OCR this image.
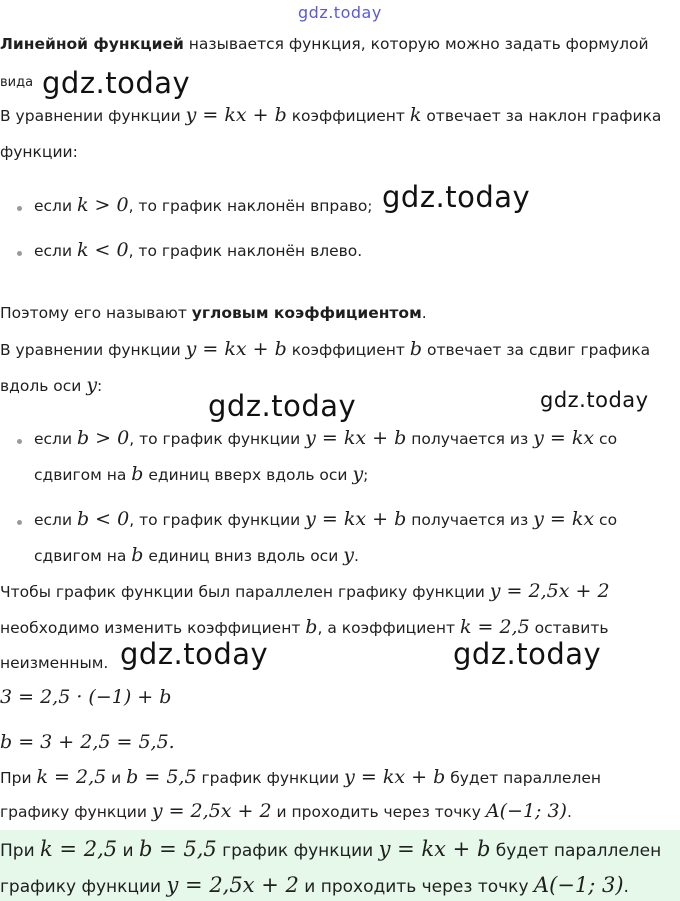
gdz.today
gdz.today
gdz.today
gdz.today	gdz.today
gdz.today	gdz.today
Линейной функцией называется функция, которую можно задать формулой
вида
В уравнении функции y = kx + b коэффициент k отвечает за наклон графика
функции:
если k > 0, то график наклонён вправо;
если k < 0, то график наклонён влево.
Поэтому его называют угловым коэффициентом.
В уравнении функции y = kx + b коэффициент b отвечает за сдвиг графика
вдоль оси y:
если b > 0, то график функции y = kx + b получается из y = kx со
сдвигом на b единиц вверх вдоль оси y;
если b < 0, то график функции y = kx + b получается из y = kx со
сдвигом на b единиц вниз вдоль оси y.
Чтобы график функции был параллелен графику функции y = 2,5x + 2
необходимо изменить коэффициент b, а коэффициент k = 2,5 оставить
неизменным.
3 = 2,5 · (−1) + b
b = 3 + 2,5 = 5,5.
При k = 2,5 и b = 5,5 график функции y = kx + b будет параллелен
графику функции y = 2,5x + 2 и проходить через точку A(−1; 3).
При k = 2,5 и b = 5,5 график функции y = kx + b будет параллелен
графику функции y = 2,5x + 2 и проходить через точку A(−1; 3).
